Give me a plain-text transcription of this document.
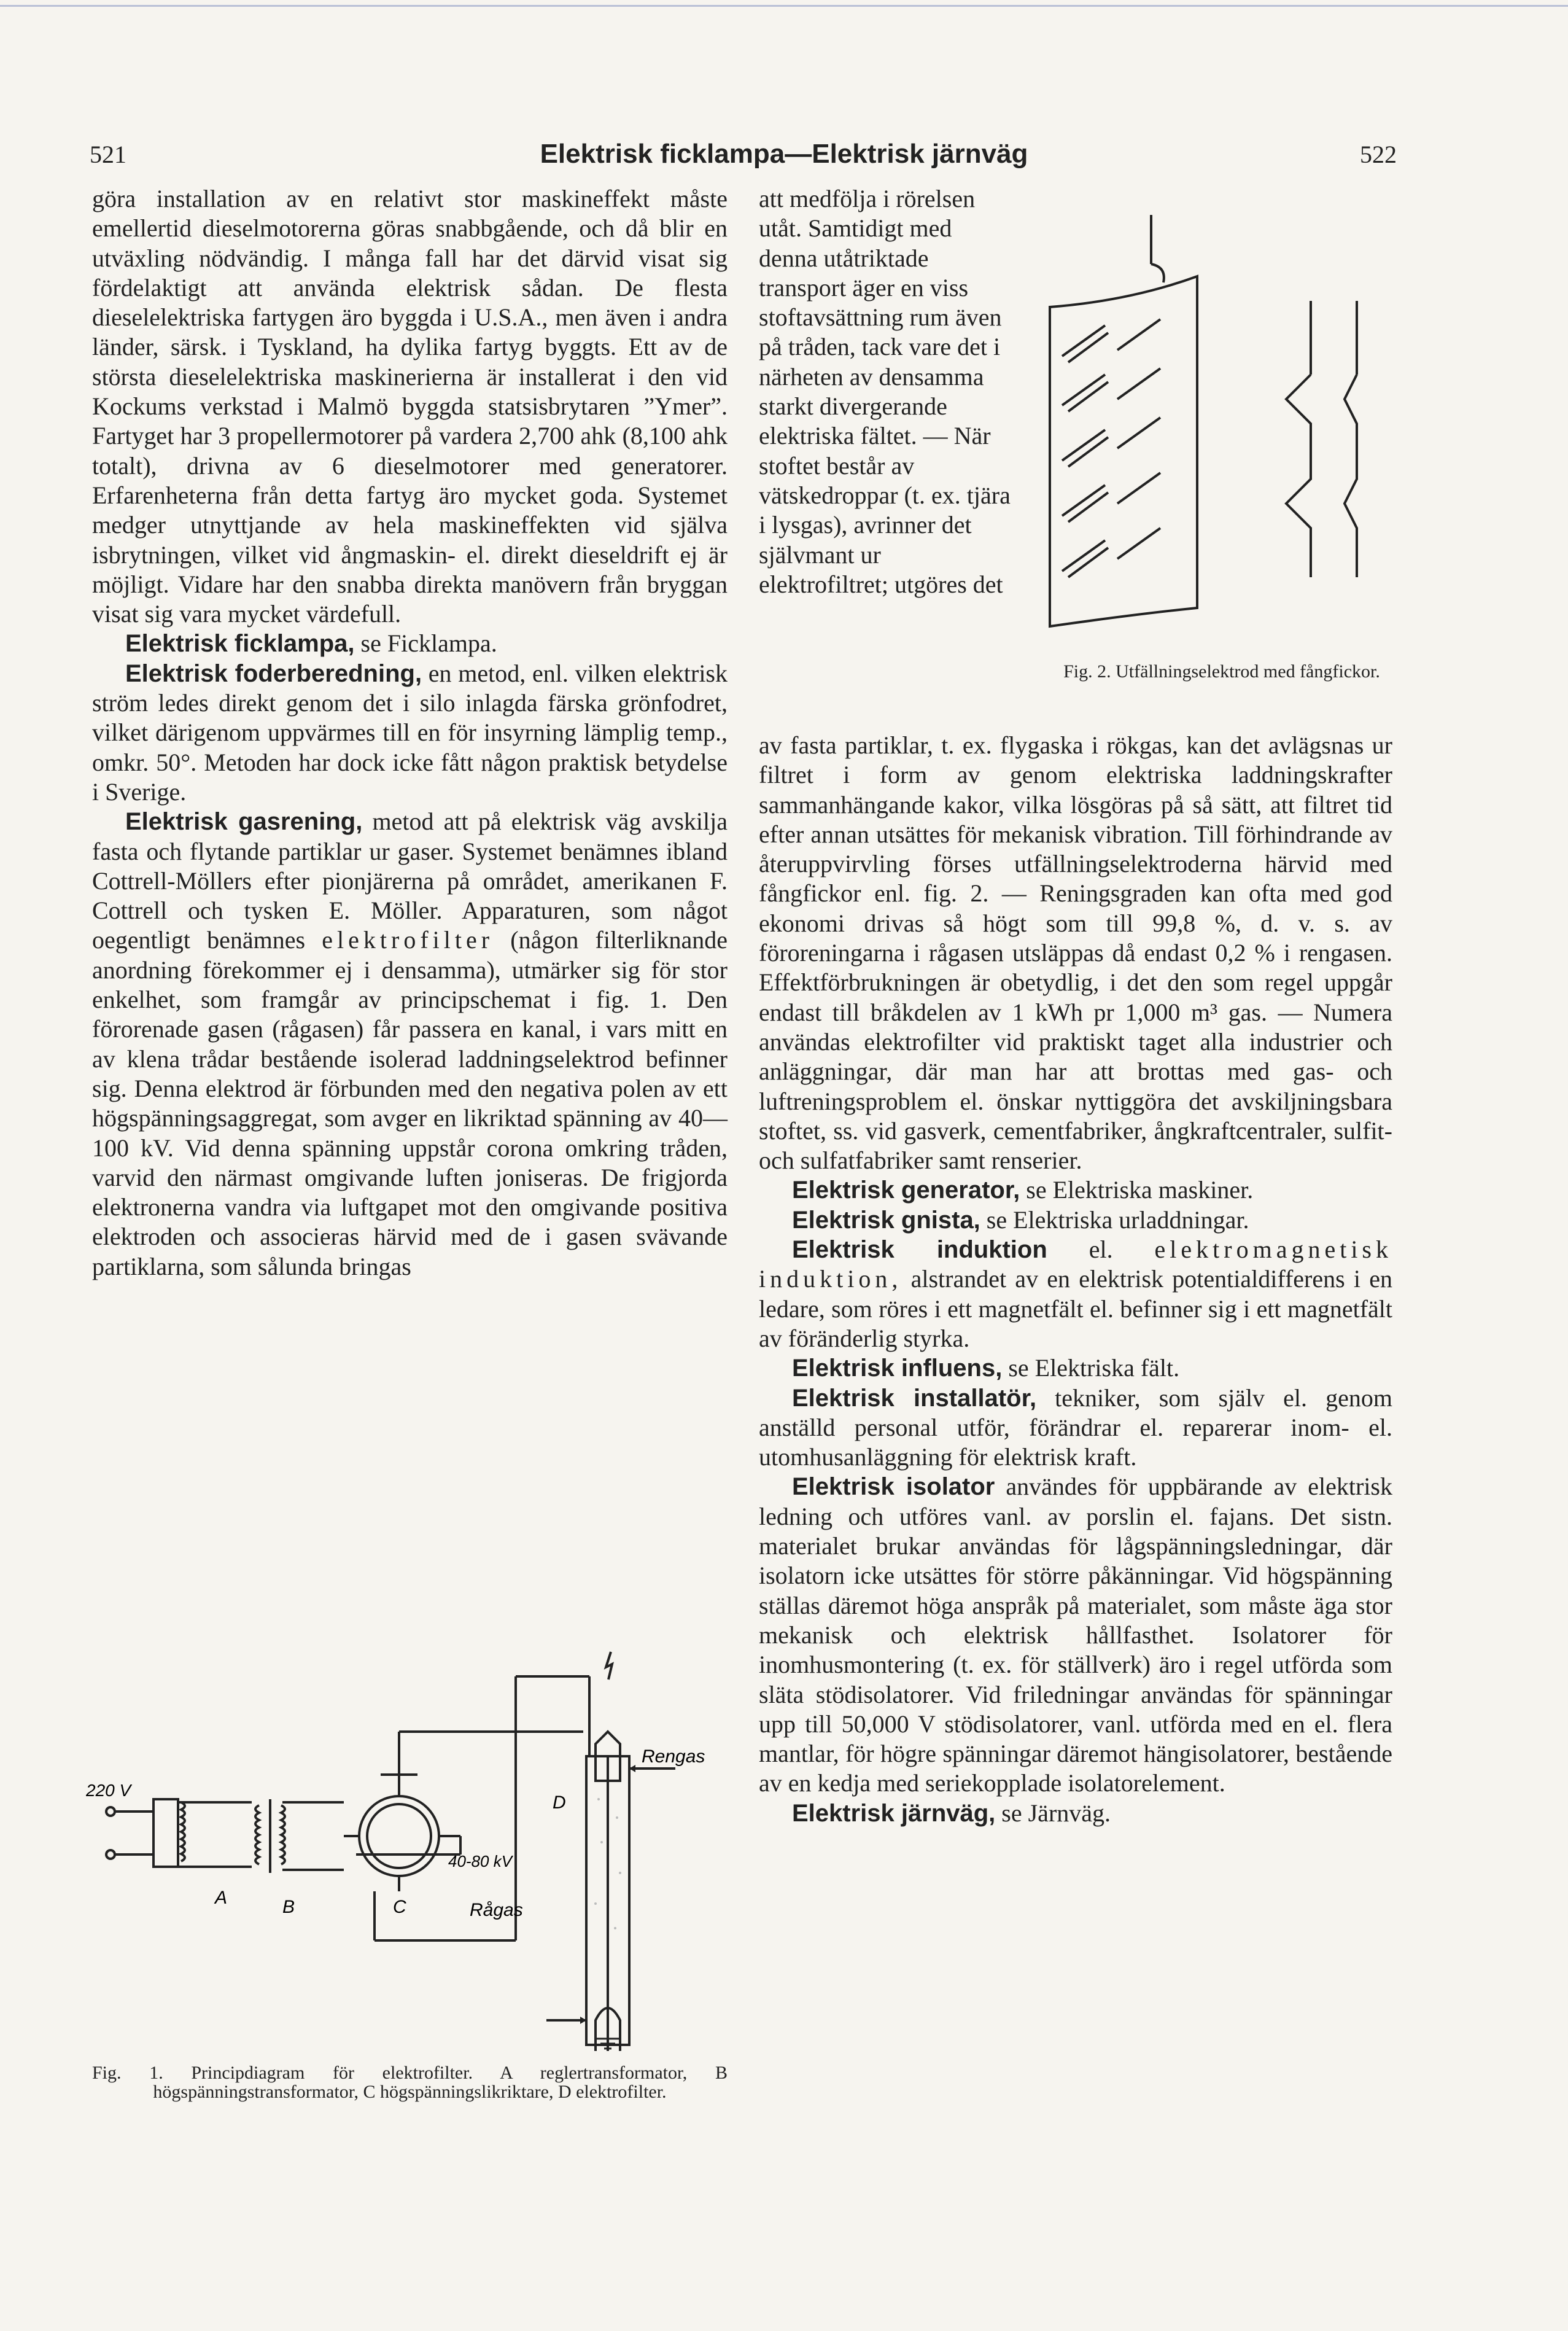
521	Elektrisk ficklampa—Elektrisk järnväg	522

göra installation av en relativt stor maskineffekt måste emellertid dieselmotorerna göras snabbgående, och då blir en utväxling nödvändig. I många fall har det därvid visat sig fördelaktigt att använda elektrisk sådan. De flesta dieselelektriska fartygen äro byggda i U.S.A., men även i andra länder, särsk. i Tyskland, ha dylika fartyg byggts. Ett av de största dieselelektriska maskinerierna är installerat i den vid Kockums verkstad i Malmö byggda statsisbrytaren ”Ymer”. Fartyget har 3 propellermotorer på vardera 2,700 ahk (8,100 ahk totalt), drivna av 6 dieselmotorer med generatorer. Erfarenheterna från detta fartyg äro mycket goda. Systemet medger utnyttjande av hela maskineffekten vid själva isbrytningen, vilket vid ångmaskin- el. direkt dieseldrift ej är möjligt. Vidare har den snabba direkta manövern från bryggan visat sig vara mycket värdefull.

Elektrisk ficklampa, se Ficklampa.

Elektrisk foderberedning, en metod, enl. vilken elektrisk ström ledes direkt genom det i silo inlagda färska grönfodret, vilket därigenom uppvärmes till en för insyrning lämplig temp., omkr. 50°. Metoden har dock icke fått någon praktisk betydelse i Sverige.

Elektrisk gasrening, metod att på elektrisk väg avskilja fasta och flytande partiklar ur gaser. Systemet benämnes ibland Cottrell-Möllers efter pionjärerna på området, amerikanen F. Cottrell och tysken E. Möller. Apparaturen, som något oegentligt benämnes elektrofilter (någon filterliknande anordning förekommer ej i densamma), utmärker sig för stor enkelhet, som framgår av principschemat i fig. 1. Den förorenade gasen (rågasen) får passera en kanal, i vars mitt en av klena trådar bestående isolerad laddningselektrod befinner sig. Denna elektrod är förbunden med den negativa polen av ett högspänningsaggregat, som avger en likriktad spänning av 40—100 kV. Vid denna spänning uppstår corona omkring tråden, varvid den närmast omgivande luften joniseras. De frigjorda elektronerna vandra via luftgapet mot den omgivande positiva elektroden och associeras härvid med de i gasen svävande partiklarna, som sålunda bringas

220 V
A	B	C
D
40-80 kV
Rengas
Rågas
Fig. 1. Principdiagram för elektrofilter. A reglertransformator, B högspänningstransformator, C högspänningslikriktare, D elektrofilter.
Fig. 2. Utfällningselektrod med fångfickor.
att medfölja i rörelsen utåt. Samtidigt med denna utåtriktade transport äger en viss stoftavsättning rum även på tråden, tack vare det i närheten av densamma starkt divergerande elektriska fältet. — När stoftet består av vätskedroppar (t. ex. tjära i lysgas), avrinner det självmant ur elektrofiltret; utgöres det

av fasta partiklar, t. ex. flygaska i rökgas, kan det avlägsnas ur filtret i form av genom elektriska laddningskrafter sammanhängande kakor, vilka lösgöras på så sätt, att filtret tid efter annan utsättes för mekanisk vibration. Till förhindrande av återuppvirvling förses utfällningselektroderna härvid med fångfickor enl. fig. 2. — Reningsgraden kan ofta med god ekonomi drivas så högt som till 99,8 %, d. v. s. av föroreningarna i rågasen utsläppas då endast 0,2 % i rengasen. Effektförbrukningen är obetydlig, i det den som regel uppgår endast till bråkdelen av 1 kWh pr 1,000 m³ gas. — Numera användas elektrofilter vid praktiskt taget alla industrier och anläggningar, där man har att brottas med gas- och luftreningsproblem el. önskar nyttiggöra det avskiljningsbara stoftet, ss. vid gasverk, cementfabriker, ångkraftcentraler, sulfit- och sulfatfabriker samt renserier.

Elektrisk generator, se Elektriska maskiner.

Elektrisk gnista, se Elektriska urladdningar.

Elektrisk induktion el. elektromagnetisk induktion, alstrandet av en elektrisk potentialdifferens i en ledare, som röres i ett magnetfält el. befinner sig i ett magnetfält av föränderlig styrka.

Elektrisk influens, se Elektriska fält.

Elektrisk installatör, tekniker, som själv el. genom anställd personal utför, förändrar el. reparerar inom- el. utomhusanläggning för elektrisk kraft.

Elektrisk isolator användes för uppbärande av elektrisk ledning och utföres vanl. av porslin el. fajans. Det sistn. materialet brukar användas för lågspänningsledningar, där isolatorn icke utsättes för större påkänningar. Vid högspänning ställas däremot höga anspråk på materialet, som måste äga stor mekanisk och elektrisk hållfasthet. Isolatorer för inomhusmontering (t. ex. för ställverk) äro i regel utförda som släta stödisolatorer. Vid friledningar användas för spänningar upp till 50,000 V stödisolatorer, vanl. utförda med en el. flera mantlar, för högre spänningar däremot hängisolatorer, bestående av en kedja med seriekopplade isolatorelement.

Elektrisk järnväg, se Järnväg.
